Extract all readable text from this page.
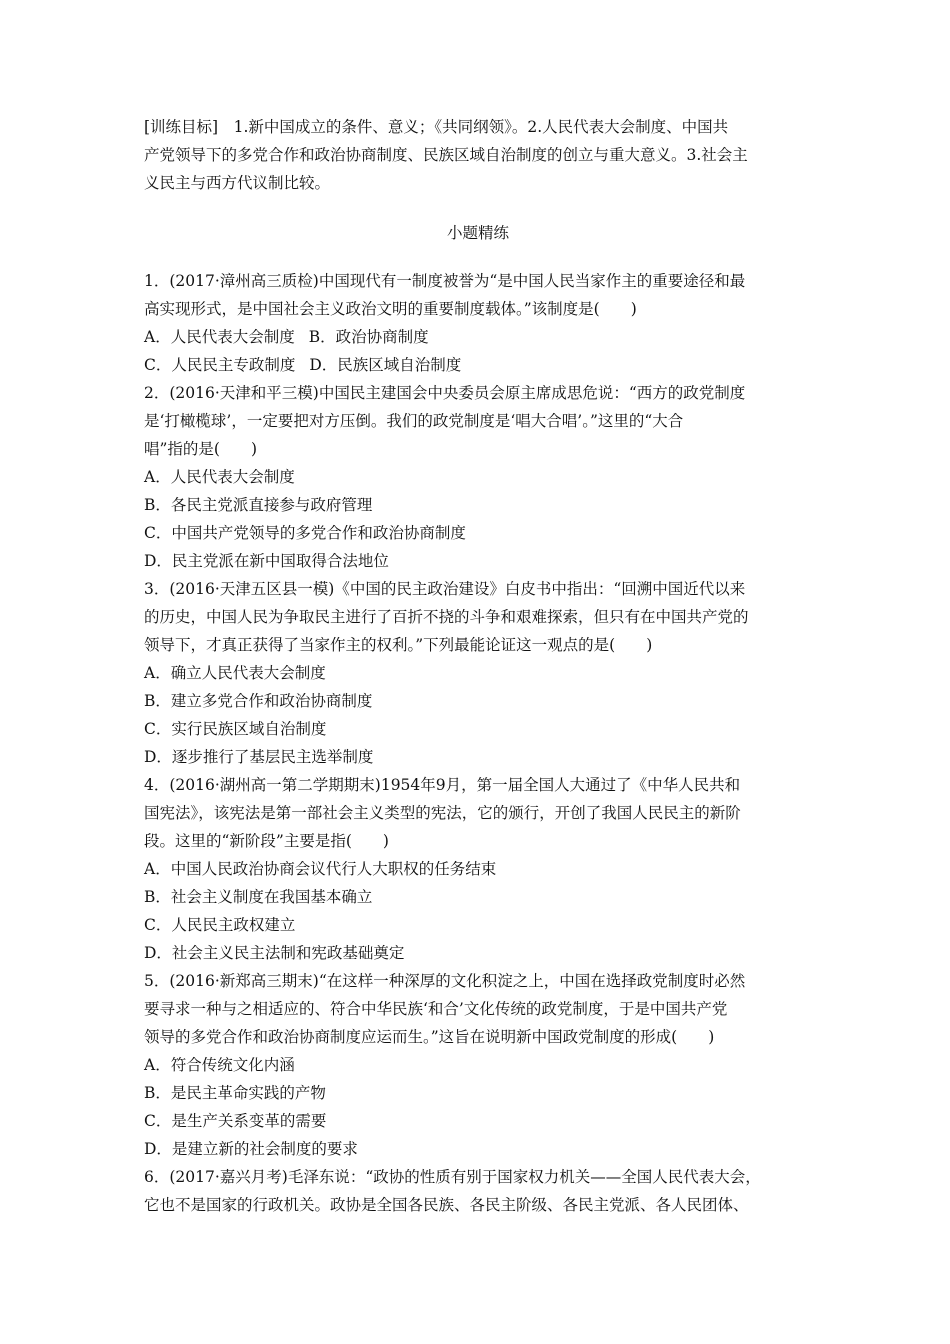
[训练目标]　1.新中国成立的条件、意义；《共同纲领》。2.人民代表大会制度、中国共
产党领导下的多党合作和政治协商制度、民族区域自治制度的创立与重大意义。3.社会主
义民主与西方代议制比较。
小题精练
1．(2017·漳州高三质检)中国现代有一制度被誉为“是中国人民当家作主的重要途径和最
高实现形式，是中国社会主义政治文明的重要制度载体。”该制度是(　　)
A．人民代表大会制度 B．政治协商制度
C．人民民主专政制度 D．民族区域自治制度
2．(2016·天津和平三模)中国民主建国会中央委员会原主席成思危说：“西方的政党制度
是‘打橄榄球’，一定要把对方压倒。我们的政党制度是‘唱大合唱’。”这里的“大合
唱”指的是(　　)
A．人民代表大会制度
B．各民主党派直接参与政府管理
C．中国共产党领导的多党合作和政治协商制度
D．民主党派在新中国取得合法地位
3．(2016·天津五区县一模)《中国的民主政治建设》白皮书中指出：“回溯中国近代以来
的历史，中国人民为争取民主进行了百折不挠的斗争和艰难探索，但只有在中国共产党的
领导下，才真正获得了当家作主的权利。”下列最能论证这一观点的是(　　)
A．确立人民代表大会制度
B．建立多党合作和政治协商制度
C．实行民族区域自治制度
D．逐步推行了基层民主选举制度
4．(2016·湖州高一第二学期期末)1954年9月，第一届全国人大通过了《中华人民共和
国宪法》，该宪法是第一部社会主义类型的宪法，它的颁行，开创了我国人民民主的新阶
段。这里的“新阶段”主要是指(　　)
A．中国人民政治协商会议代行人大职权的任务结束
B．社会主义制度在我国基本确立
C．人民民主政权建立
D．社会主义民主法制和宪政基础奠定
5．(2016·新郑高三期末)“在这样一种深厚的文化积淀之上，中国在选择政党制度时必然
要寻求一种与之相适应的、符合中华民族‘和合’文化传统的政党制度，于是中国共产党
领导的多党合作和政治协商制度应运而生。”这旨在说明新中国政党制度的形成(　　)
A．符合传统文化内涵
B．是民主革命实践的产物
C．是生产关系变革的需要
D．是建立新的社会制度的要求
6．(2017·嘉兴月考)毛泽东说：“政协的性质有别于国家权力机关——全国人民代表大会，
它也不是国家的行政机关。政协是全国各民族、各民主阶级、各民主党派、各人民团体、
